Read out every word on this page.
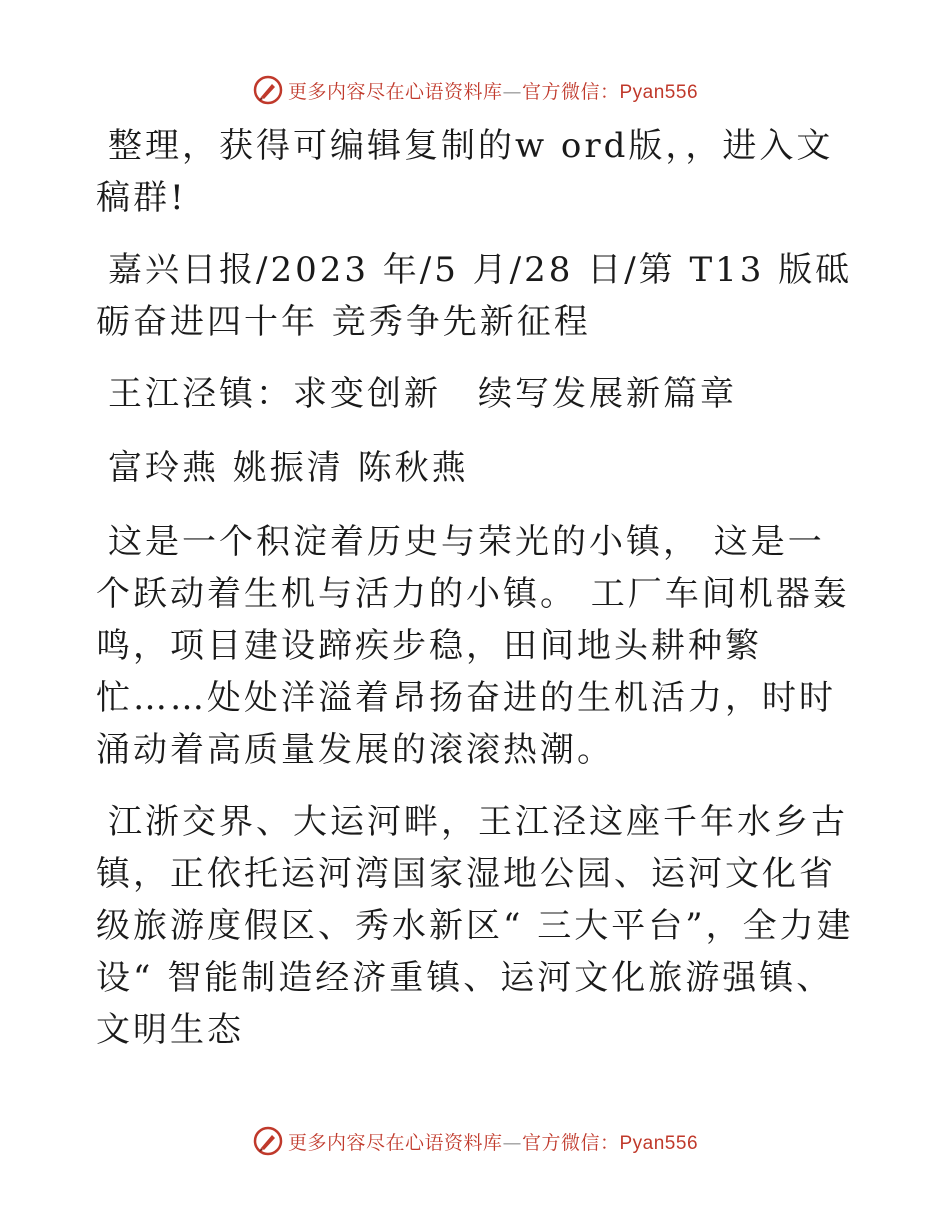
更多内容尽在心语资料库—官方微信：Pyan556

整理，获得可编辑复制的w ord版，，进入文稿群!

嘉兴日报/2023 年/5 月/28 日/第 T13 版砥砺奋进四十年 竞秀争先新征程

王江泾镇：求变创新　续写发展新篇章

富玲燕 姚振清 陈秋燕

这是一个积淀着历史与荣光的小镇， 这是一个跃动着生机与活力的小镇。 工厂车间机器轰鸣，项目建设蹄疾步稳，田间地头耕种繁忙……处处洋溢着昂扬奋进的生机活力，时时涌动着高质量发展的滚滚热潮。

江浙交界、大运河畔，王江泾这座千年水乡古镇，正依托运河湾国家湿地公园、运河文化省级旅游度假区、秀水新区“ 三大平台”，全力建设“ 智能制造经济重镇、运河文化旅游强镇、文明生态

更多内容尽在心语资料库—官方微信：Pyan556
